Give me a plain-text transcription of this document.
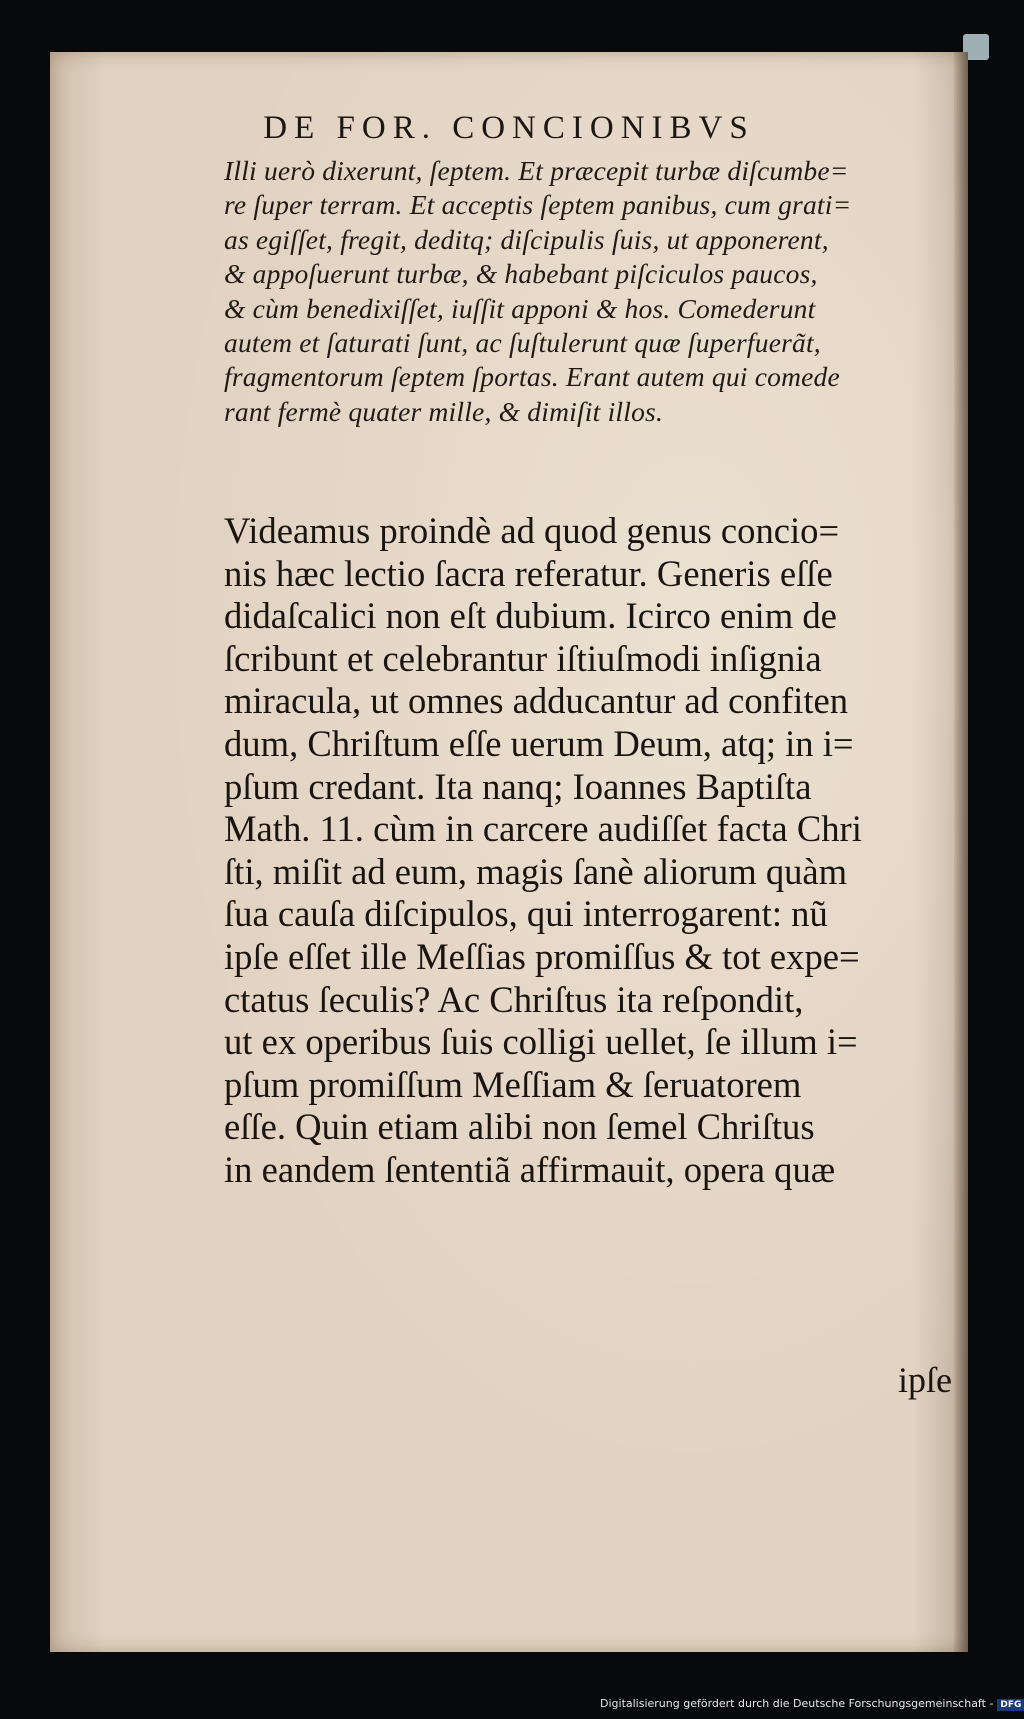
DE FOR. CONCIONIBVS
Illi uerò dixerunt, ſeptem. Et præcepit turbæ diſcumbe=
re ſuper terram. Et acceptis ſeptem panibus, cum grati=
as egiſſet, fregit, deditq; diſcipulis ſuis, ut apponerent,
& appoſuerunt turbæ, & habebant piſciculos paucos,
& cùm benedixiſſet, iuſſit apponi & hos. Comederunt
autem et ſaturati ſunt, ac ſuſtulerunt quæ ſuperfuerãt,
fragmentorum ſeptem ſportas. Erant autem qui comede
rant fermè quater mille, & dimiſit illos.
Videamus proindè ad quod genus concio=
nis hæc lectio ſacra referatur. Generis eſſe
didaſcalici non eſt dubium. Icirco enim de
ſcribunt et celebrantur iſtiuſmodi inſignia
miracula, ut omnes adducantur ad confiten
dum, Chriſtum eſſe uerum Deum, atq; in i=
pſum credant. Ita nanq; Ioannes Baptiſta
Math. 11. cùm in carcere audiſſet facta Chri
ſti, miſit ad eum, magis ſanè aliorum quàm
ſua cauſa diſcipulos, qui interrogarent: nũ
ipſe eſſet ille Meſſias promiſſus & tot expe=
ctatus ſeculis? Ac Chriſtus ita reſpondit,
ut ex operibus ſuis colligi uellet, ſe illum i=
pſum promiſſum Meſſiam & ſeruatorem
eſſe. Quin etiam alibi non ſemel Chriſtus
in eandem ſententiã affirmauit, opera quæ
ipſe
Digitalisierung gefördert durch die Deutsche Forschungsgemeinschaft - DFG
